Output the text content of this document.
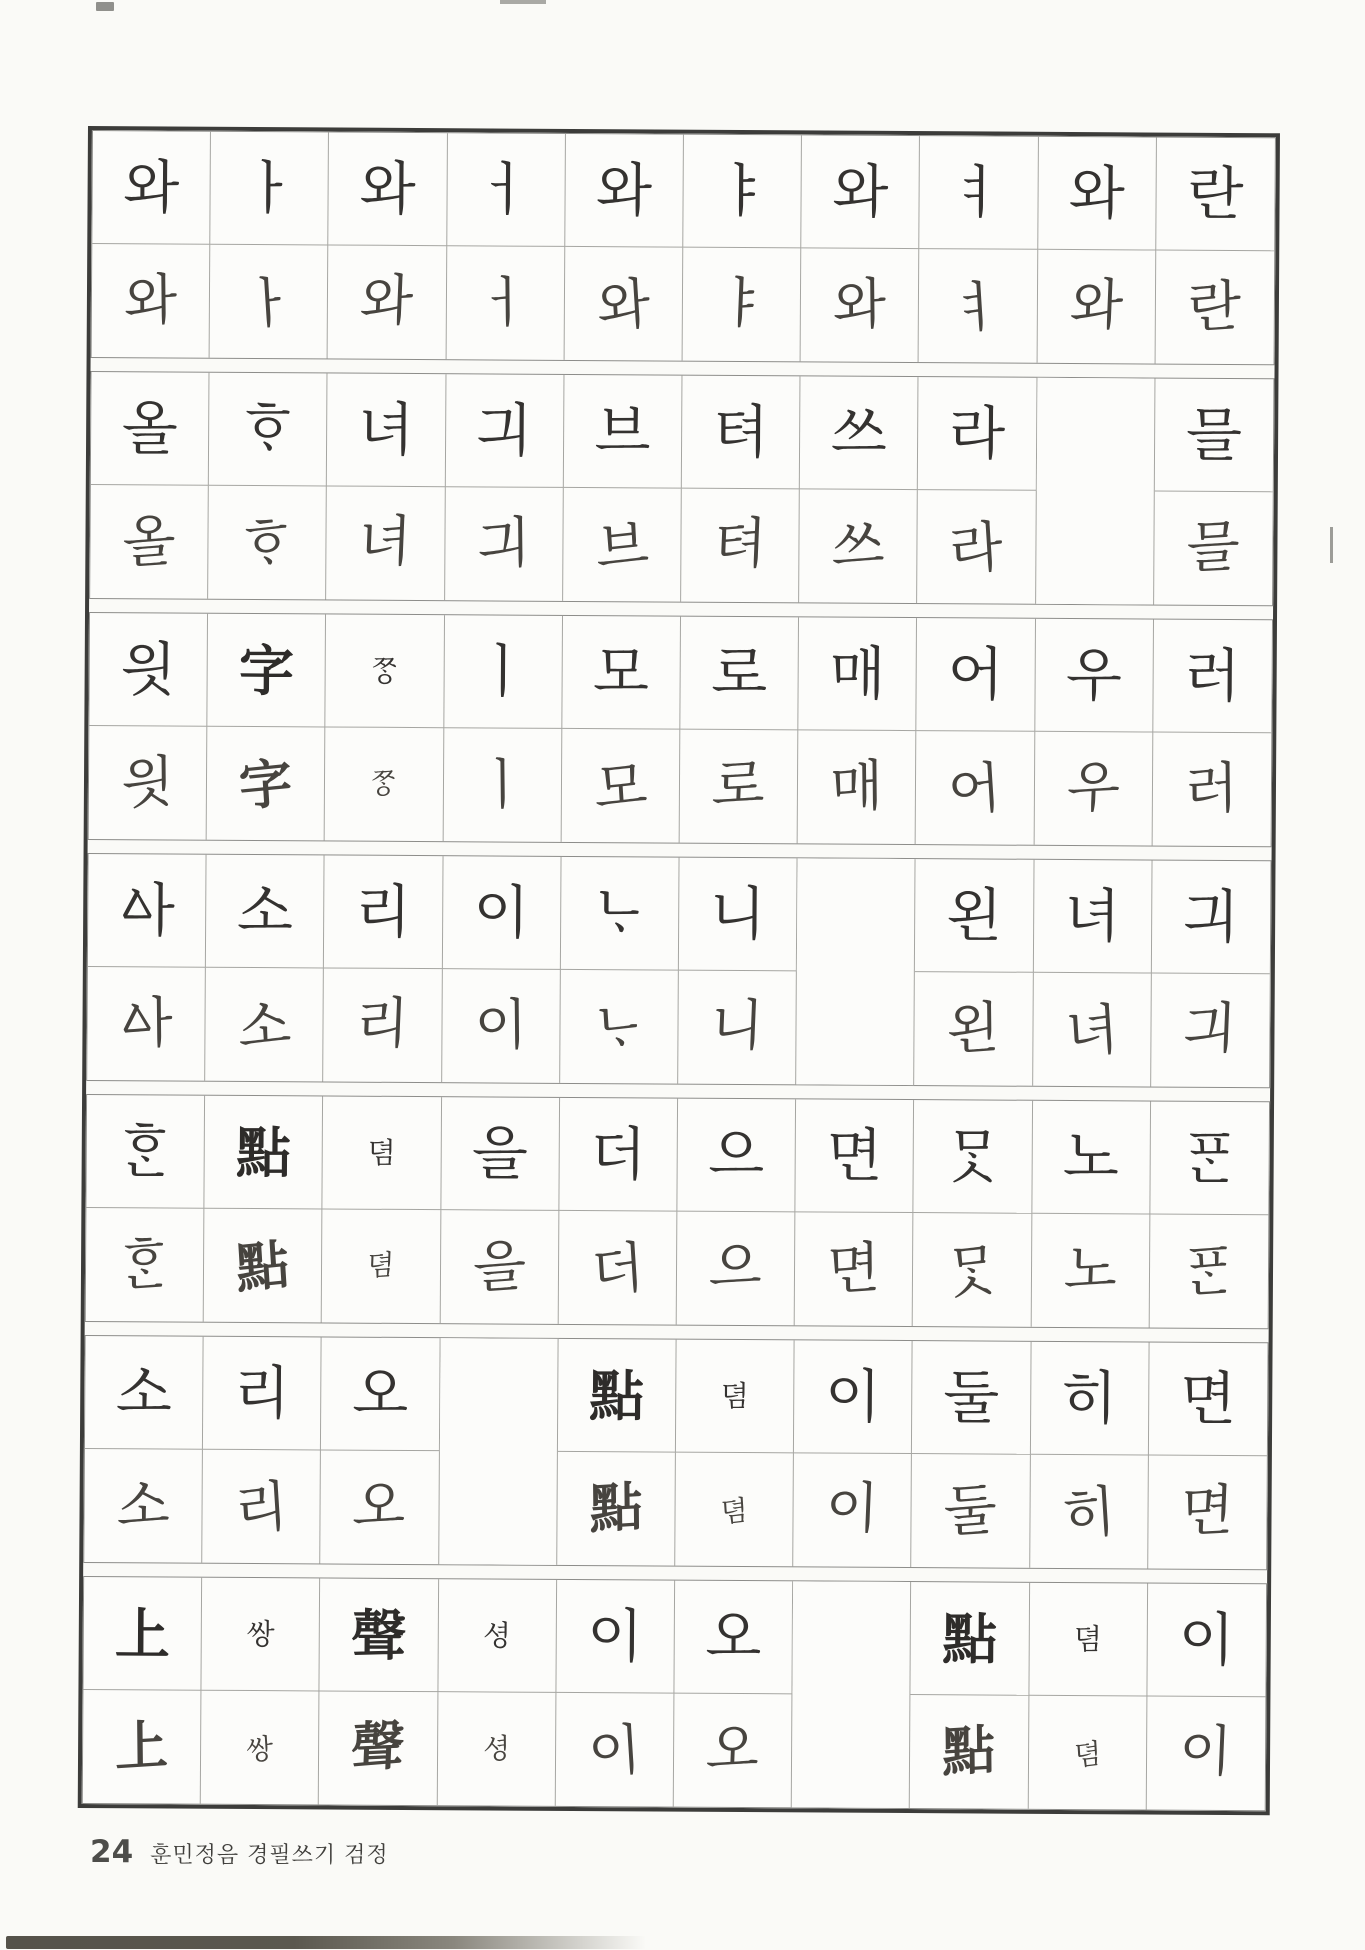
와 ㅏ 와 ㅓ 와 ㅑ 와 ㅕ 와 란
와 ㅏ 와 ㅓ 와 ㅑ 와 ㅕ 와 란
올 ᄒᆞ 녀 긔 브 텨 쓰 라	믈
올 ᄒᆞ 녀 긔 브 텨 쓰 라	믈
읫 字	ᄍᆞᆼ ㅣ 모 로 매 어 우 러
읫 字	ᄍᆞᆼ ㅣ 모 로 매 어 우 러
ᅀᅡ 소 리 이 ᄂᆞ 니	왼 녀 긔
ᅀᅡ 소 리 이 ᄂᆞ 니	왼 녀 긔
ᄒᆞᆫ 點	뎜 을 더 으 면 ᄆᆞᆺ 노 ᄑᆞᆫ
ᄒᆞᆫ 點	뎜 을 더 으 면 ᄆᆞᆺ 노 ᄑᆞᆫ
소 리 오	點	뎜 이 둘 히 면
소 리 오	點	뎜 이 둘 히 면
上	쌍 聲	셩 이 오	點	뎜 이
上	쌍 聲	셩 이 오	點	뎜 이
24 훈민정음 경필쓰기 검정
